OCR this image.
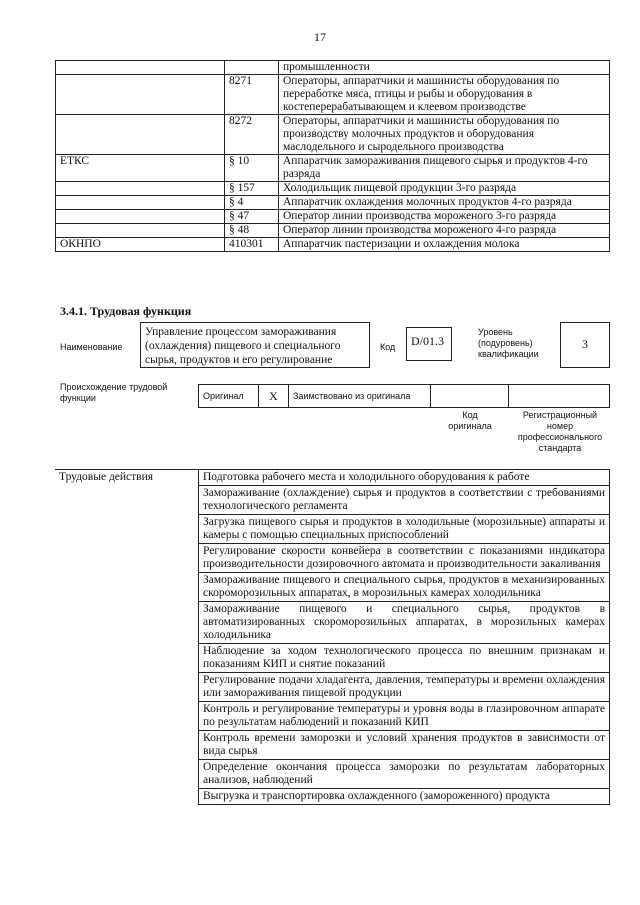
17
		промышленности
	8271	Операторы, аппаратчики и машинисты оборудования по переработке мяса, птицы и рыбы и оборудования в костеперерабатывающем и клеевом производстве
	8272	Операторы, аппаратчики и машинисты оборудования по производству молочных продуктов и оборудования маслодельного и сыродельного производства
ЕТКС	§ 10	Аппаратчик замораживания пищевого сырья и продуктов 4-го разряда
	§ 157	Холодильщик пищевой продукции 3-го разряда
	§ 4	Аппаратчик охлаждения молочных продуктов 4-го разряда
	§ 47	Оператор линии производства мороженого 3-го разряда
	§ 48	Оператор линии производства мороженого 4-го разряда
ОКНПО	410301	Аппаратчик пастеризации и охлаждения молока
3.4.1. Трудовая функция
Наименование
Управление процессом замораживания (охлаждения) пищевого и специального сырья, продуктов и его регулирование
Код	D/01.3
Уровень (подуровень) квалификации
3
Происхождение трудовой функции	Оригинал	X	Заимствовано из оригинала
Код оригинала
Регистрационный номер профессионального стандарта
Трудовые действия	Подготовка рабочего места и холодильного оборудования к работе
Замораживание (охлаждение) сырья и продуктов в соответствии с требованиями технологического регламента
Загрузка пищевого сырья и продуктов в холодильные (морозильные) аппараты и камеры с помощью специальных приспособлений
Регулирование скорости конвейера в соответствии с показаниями индикатора производительности дозировочного автомата и производительности закаливания
Замораживание пищевого и специального сырья, продуктов в механизированных скороморозильных аппаратах, в морозильных камерах холодильника
Замораживание пищевого и специального сырья, продуктов в автоматизированных скороморозильных аппаратах, в морозильных камерах холодильника
Наблюдение за ходом технологического процесса по внешним признакам и показаниям КИП и снятие показаний
Регулирование подачи хладагента, давления, температуры и времени охлаждения или замораживания пищевой продукции
Контроль и регулирование температуры и уровня воды в глазировочном аппарате по результатам наблюдений и показаний КИП
Контроль времени заморозки и условий хранения продуктов в зависимости от вида сырья
Определение окончания процесса заморозки по результатам лабораторных анализов, наблюдений
Выгрузка и транспортировка охлажденного (замороженного) продукта
